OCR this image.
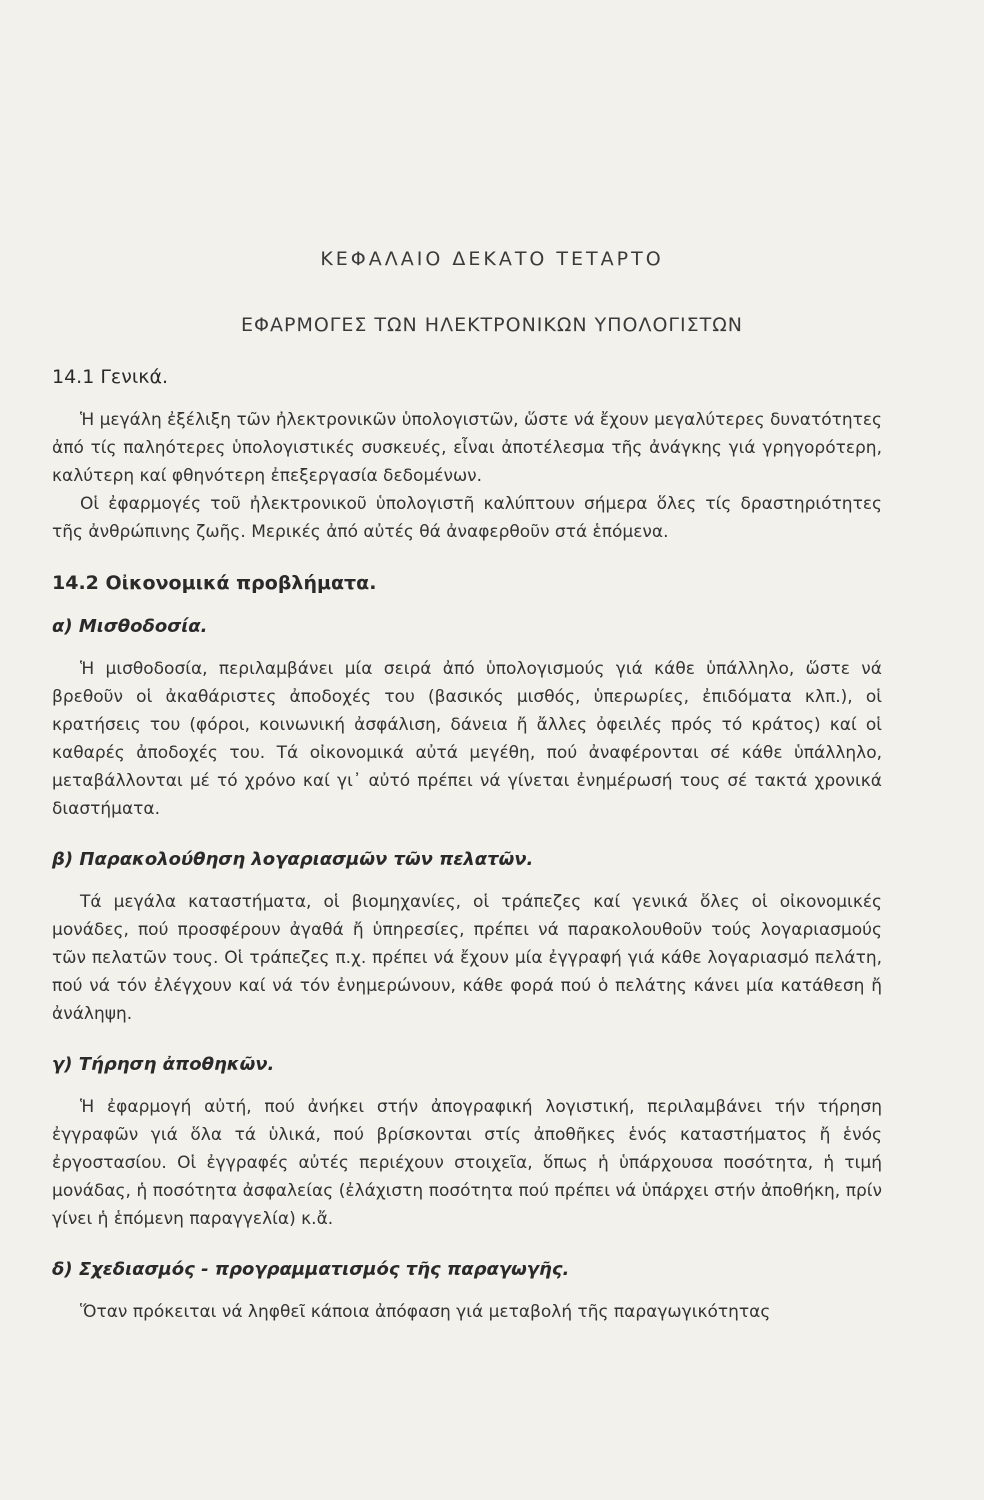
ΚΕΦΑΛΑΙΟ ΔΕΚΑΤΟ ΤΕΤΑΡΤΟ
ΕΦΑΡΜΟΓΕΣ ΤΩΝ ΗΛΕΚΤΡΟΝΙΚΩΝ ΥΠΟΛΟΓΙΣΤΩΝ
14.1 Γενικά.

Ἡ μεγάλη ἐξέλιξη τῶν ἠλεκτρονικῶν ὑπολογιστῶν, ὥστε νά ἔχουν μεγαλύτερες δυνατότητες ἀπό τίς παληότερες ὑπολογιστικές συσκευές, εἶναι ἀποτέλεσμα τῆς ἀνάγκης γιά γρηγορότερη, καλύτερη καί φθηνότερη ἐπεξεργασία δεδομένων.

Οἱ ἐφαρμογές τοῦ ἠλεκτρονικοῦ ὑπολογιστῆ καλύπτουν σήμερα ὅλες τίς δραστηριότητες τῆς ἀνθρώπινης ζωῆς. Μερικές ἀπό αὐτές θά ἀναφερθοῦν στά ἑπόμενα.

14.2 Οἰκονομικά προβλήματα.
α) Μισθοδοσία.

Ἡ μισθοδοσία, περιλαμβάνει μία σειρά ἀπό ὑπολογισμούς γιά κάθε ὑπάλληλο, ὥστε νά βρεθοῦν οἱ ἀκαθάριστες ἀποδοχές του (βασικός μισθός, ὑπερωρίες, ἐπιδόματα κλπ.), οἱ κρατήσεις του (φόροι, κοινωνική ἀσφάλιση, δάνεια ἤ ἄλλες ὀφειλές πρός τό κράτος) καί οἱ καθαρές ἀποδοχές του. Τά οἰκονομικά αὐτά μεγέθη, πού ἀναφέρονται σέ κάθε ὑπάλληλο, μεταβάλλονται μέ τό χρόνο καί γι᾽ αὐτό πρέπει νά γίνεται ἐνημέρωσή τους σέ τακτά χρονικά διαστήματα.

β) Παρακολούθηση λογαριασμῶν τῶν πελατῶν.

Τά μεγάλα καταστήματα, οἱ βιομηχανίες, οἱ τράπεζες καί γενικά ὅλες οἱ οἰκονομικές μονάδες, πού προσφέρουν ἀγαθά ἤ ὑπηρεσίες, πρέπει νά παρακολουθοῦν τούς λογαριασμούς τῶν πελατῶν τους. Οἱ τράπεζες π.χ. πρέπει νά ἔχουν μία ἐγγραφή γιά κάθε λογαριασμό πελάτη, πού νά τόν ἐλέγχουν καί νά τόν ἐνημερώνουν, κάθε φορά πού ὁ πελάτης κάνει μία κατάθεση ἤ ἀνάληψη.

γ) Τήρηση ἀποθηκῶν.

Ἡ ἐφαρμογή αὐτή, πού ἀνήκει στήν ἀπογραφική λογιστική, περιλαμβάνει τήν τήρηση ἐγγραφῶν γιά ὅλα τά ὑλικά, πού βρίσκονται στίς ἀποθῆκες ἑνός καταστήματος ἤ ἑνός ἐργοστασίου. Οἱ ἐγγραφές αὐτές περιέχουν στοιχεῖα, ὅπως ἡ ὑπάρχουσα ποσότητα, ἡ τιμή μονάδας, ἡ ποσότητα ἀσφαλείας (ἐλάχιστη ποσότητα πού πρέπει νά ὑπάρχει στήν ἀποθήκη, πρίν γίνει ἡ ἑπόμενη παραγγελία) κ.ἄ.

δ) Σχεδιασμός - προγραμματισμός τῆς παραγωγῆς.

Ὅταν πρόκειται νά ληφθεῖ κάποια ἀπόφαση γιά μεταβολή τῆς παραγωγικότητας
